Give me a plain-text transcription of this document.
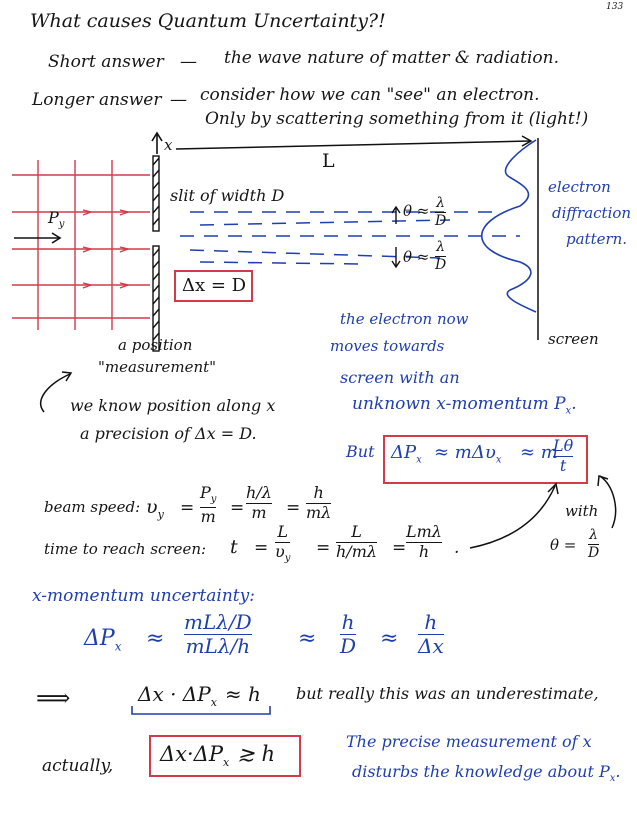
133
What causes Quantum Uncertainty?!
Short answer — the wave nature of matter & radiation.
Longer answer — consider how we can "see" an electron.
Only by scattering something from it (light!)
x
L
$P_y$
slit of width D
θ ≈ λ
D
θ ≈
λ
D
electron
diffraction
pattern.
screen
Δx = D
a position
"measurement"
the electron now
moves towards
screen with an
unknown x-momentum $P_x$.
we know position along x
a precision of Δx = D.
But $\Delta P_x \approx m\Delta\upsilon_x \approx m$
Lθ
t
beam speed: $\upsilon_y$ =
$P_y$
m =
h/λ
m =
h
mλ
time to reach screen: t =
L
$\upsilon_y$
=
L
h/mλ =
Lmλ
h .
with
θ =
λ
D
x-momentum uncertainty:
$\Delta P_x$ ≈
mLλ/D
mLλ/h ≈
h
D ≈
h
Δx
⟹	$\Delta x \cdot \Delta P_x \approx h$ but really this was an underestimate,
actually, $\Delta x\cdot\Delta P_x$ ≳ h
The precise measurement of x
disturbs the knowledge about $P_x$.
